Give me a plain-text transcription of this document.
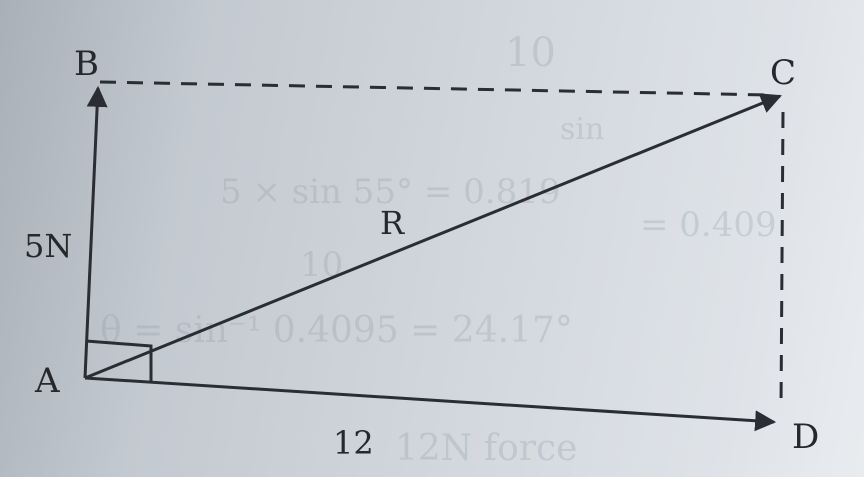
10
sin
5 × sin 55° = 0.819
= 0.409
10
θ = sin⁻¹ 0.4095 = 24.17°
12N force
B	C
A
D
5N
12
R
